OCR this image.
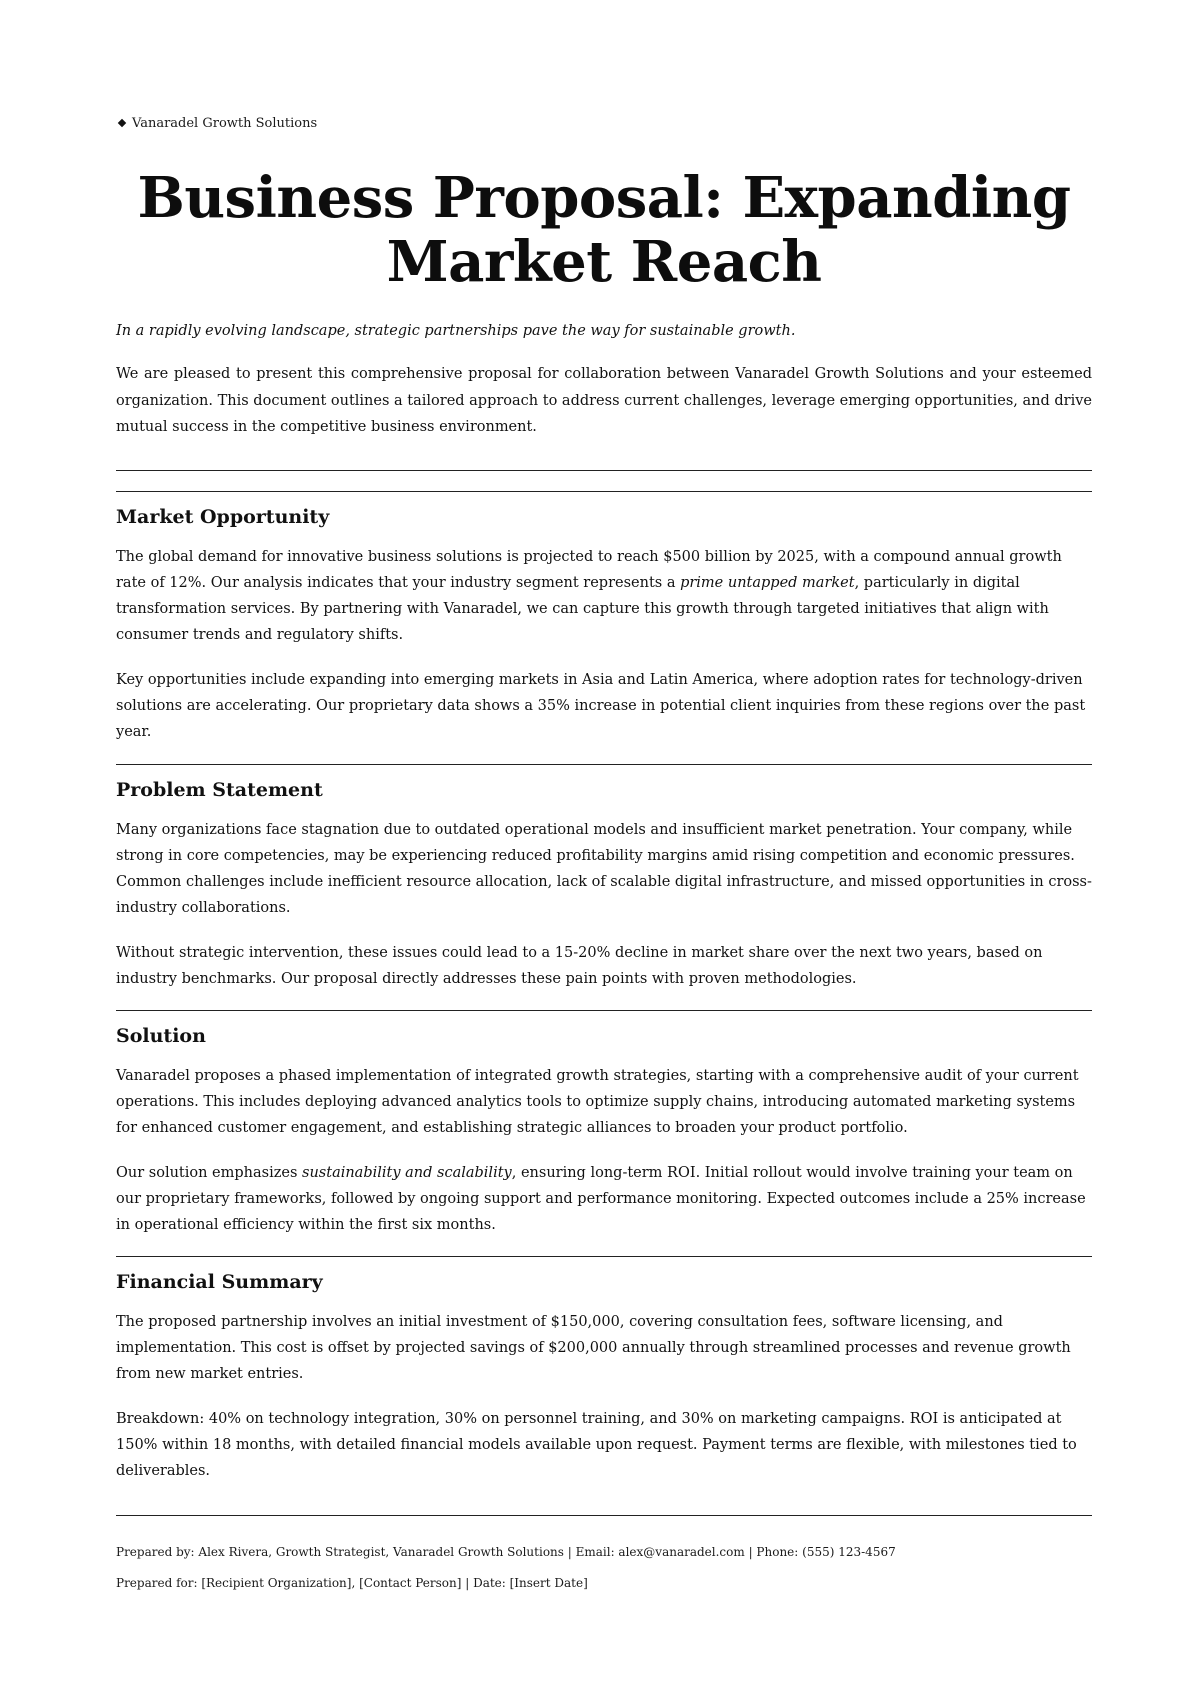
Vanaradel Growth Solutions
Business Proposal: Expanding Market Reach

In a rapidly evolving landscape, strategic partnerships pave the way for sustainable growth.

We are pleased to present this comprehensive proposal for collaboration between Vanaradel Growth Solutions and your esteemed organization. This document outlines a tailored approach to address current challenges, leverage emerging opportunities, and drive mutual success in the competitive business environment.

Market Opportunity

The global demand for innovative business solutions is projected to reach $500 billion by 2025, with a compound annual growth rate of 12%. Our analysis indicates that your industry segment represents a prime untapped market, particularly in digital transformation services. By partnering with Vanaradel, we can capture this growth through targeted initiatives that align with consumer trends and regulatory shifts.

Key opportunities include expanding into emerging markets in Asia and Latin America, where adoption rates for technology-driven solutions are accelerating. Our proprietary data shows a 35% increase in potential client inquiries from these regions over the past year.

Problem Statement

Many organizations face stagnation due to outdated operational models and insufficient market penetration. Your company, while strong in core competencies, may be experiencing reduced profitability margins amid rising competition and economic pressures. Common challenges include inefficient resource allocation, lack of scalable digital infrastructure, and missed opportunities in cross-industry collaborations.

Without strategic intervention, these issues could lead to a 15-20% decline in market share over the next two years, based on industry benchmarks. Our proposal directly addresses these pain points with proven methodologies.

Solution

Vanaradel proposes a phased implementation of integrated growth strategies, starting with a comprehensive audit of your current operations. This includes deploying advanced analytics tools to optimize supply chains, introducing automated marketing systems for enhanced customer engagement, and establishing strategic alliances to broaden your product portfolio.

Our solution emphasizes sustainability and scalability, ensuring long-term ROI. Initial rollout would involve training your team on our proprietary frameworks, followed by ongoing support and performance monitoring. Expected outcomes include a 25% increase in operational efficiency within the first six months.

Financial Summary

The proposed partnership involves an initial investment of $150,000, covering consultation fees, software licensing, and implementation. This cost is offset by projected savings of $200,000 annually through streamlined processes and revenue growth from new market entries.

Breakdown: 40% on technology integration, 30% on personnel training, and 30% on marketing campaigns. ROI is anticipated at 150% within 18 months, with detailed financial models available upon request. Payment terms are flexible, with milestones tied to deliverables.

Prepared by: Alex Rivera, Growth Strategist, Vanaradel Growth Solutions | Email: alex@vanaradel.com | Phone: (555) 123-4567

Prepared for: [Recipient Organization], [Contact Person] | Date: [Insert Date]
